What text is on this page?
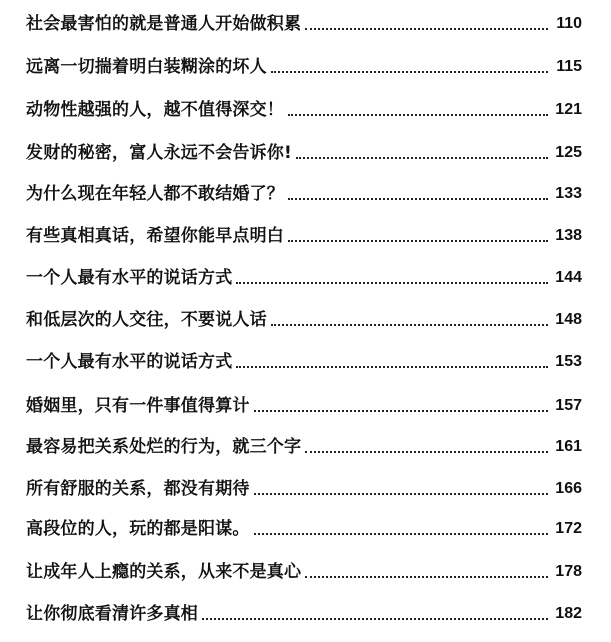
社会最害怕的就是普通人开始做积累	110
远离一切揣着明白装糊涂的坏人	115
动物性越强的人，越不值得深交！	121
发财的秘密，富人永远不会告诉你!	125
为什么现在年轻人都不敢结婚了？	133
有些真相真话，希望你能早点明白	138
一个人最有水平的说话方式	144
和低层次的人交往，不要说人话	148
一个人最有水平的说话方式	153
婚姻里，只有一件事值得算计	157
最容易把关系处烂的行为，就三个字	161
所有舒服的关系，都没有期待	166
高段位的人，玩的都是阳谋。	172
让成年人上瘾的关系，从来不是真心	178
让你彻底看清许多真相	182
